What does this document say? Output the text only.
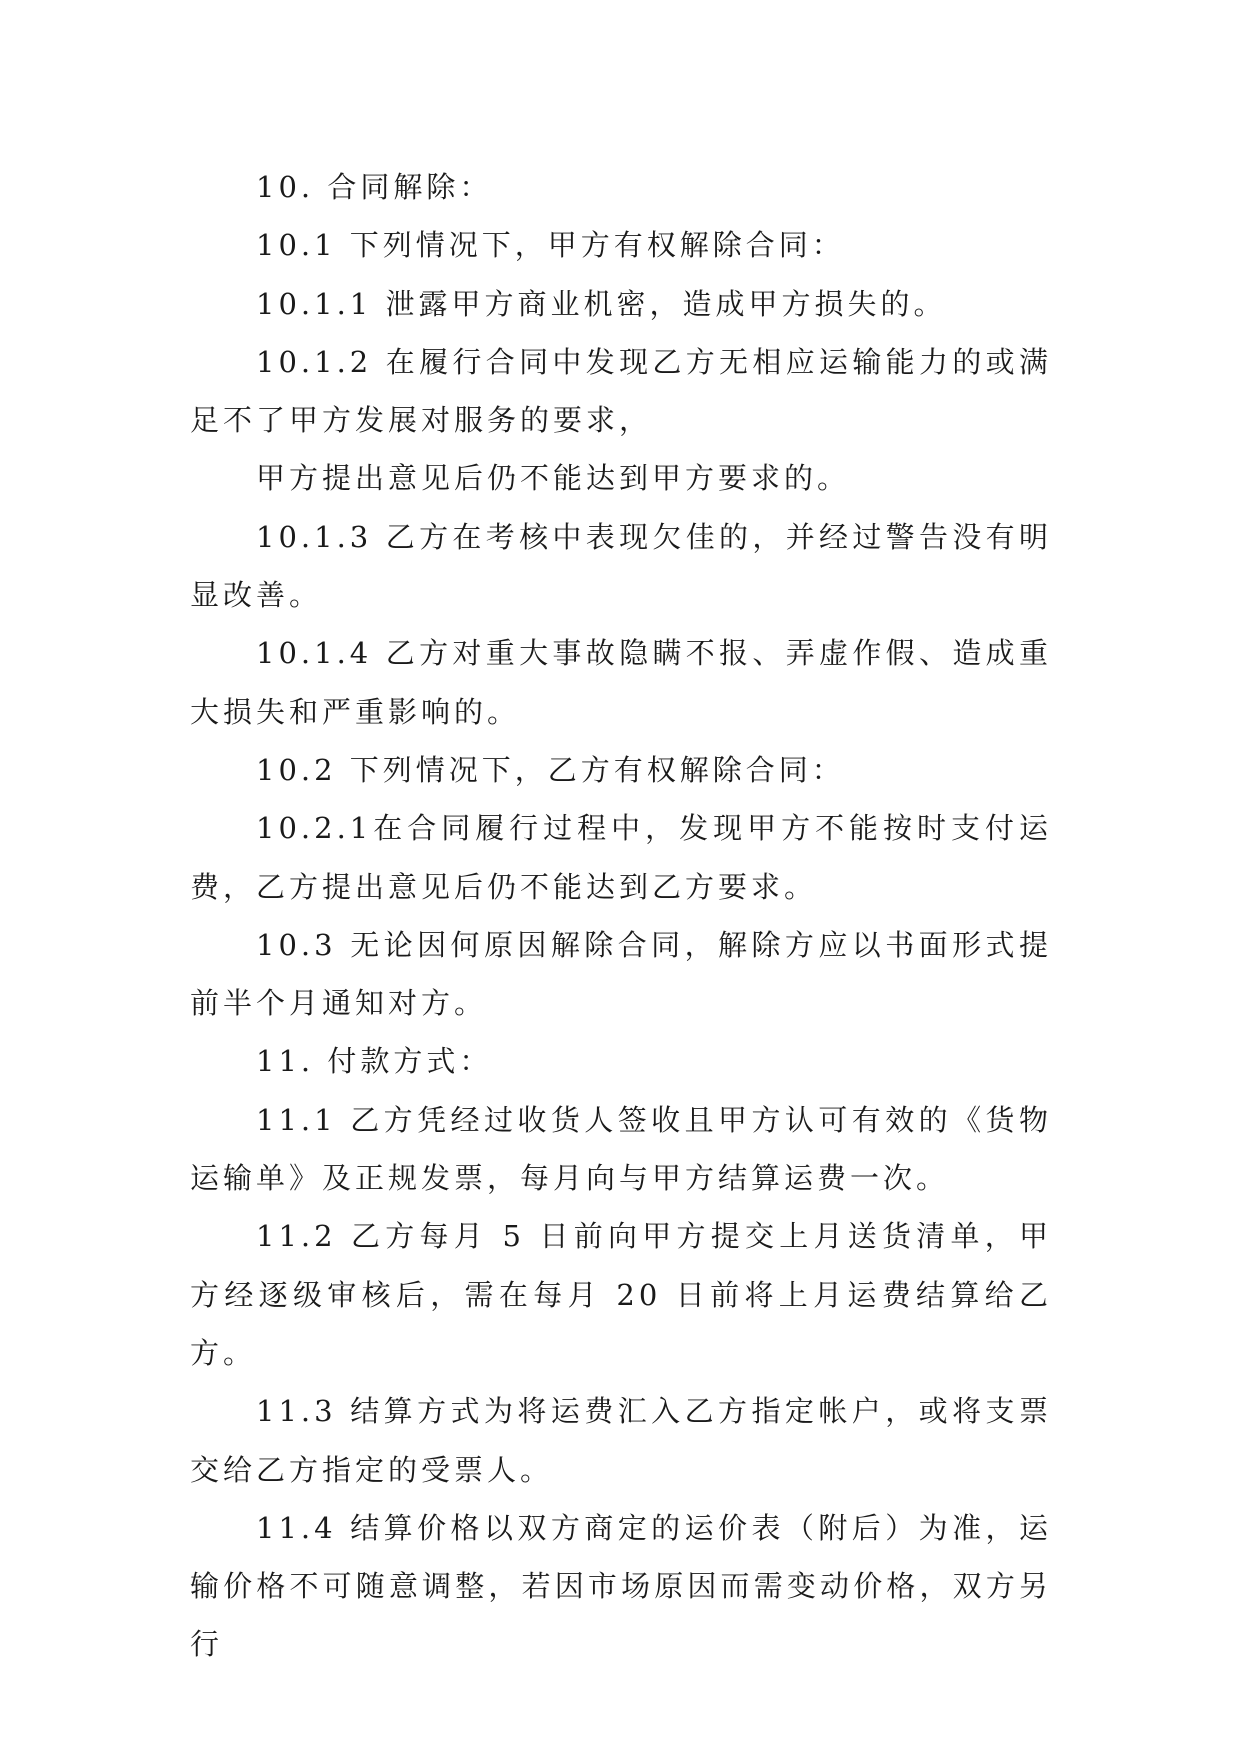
10. 合同解除：

10.1 下列情况下，甲方有权解除合同：

10.1.1 泄露甲方商业机密，造成甲方损失的。

10.1.2 在履行合同中发现乙方无相应运输能力的或满足不了甲方发展对服务的要求，

甲方提出意见后仍不能达到甲方要求的。

10.1.3 乙方在考核中表现欠佳的，并经过警告没有明显改善。

10.1.4 乙方对重大事故隐瞒不报、弄虚作假、造成重大损失和严重影响的。

10.2 下列情况下，乙方有权解除合同：

10.2.1在合同履行过程中，发现甲方不能按时支付运费，乙方提出意见后仍不能达到乙方要求。

10.3 无论因何原因解除合同，解除方应以书面形式提前半个月通知对方。

11. 付款方式：

11.1 乙方凭经过收货人签收且甲方认可有效的《货物运输单》及正规发票，每月向与甲方结算运费一次。

11.2 乙方每月 5 日前向甲方提交上月送货清单，甲方经逐级审核后，需在每月 20 日前将上月运费结算给乙方。

11.3 结算方式为将运费汇入乙方指定帐户，或将支票交给乙方指定的受票人。

11.4 结算价格以双方商定的运价表（附后）为准，运输价格不可随意调整，若因市场原因而需变动价格，双方另行
